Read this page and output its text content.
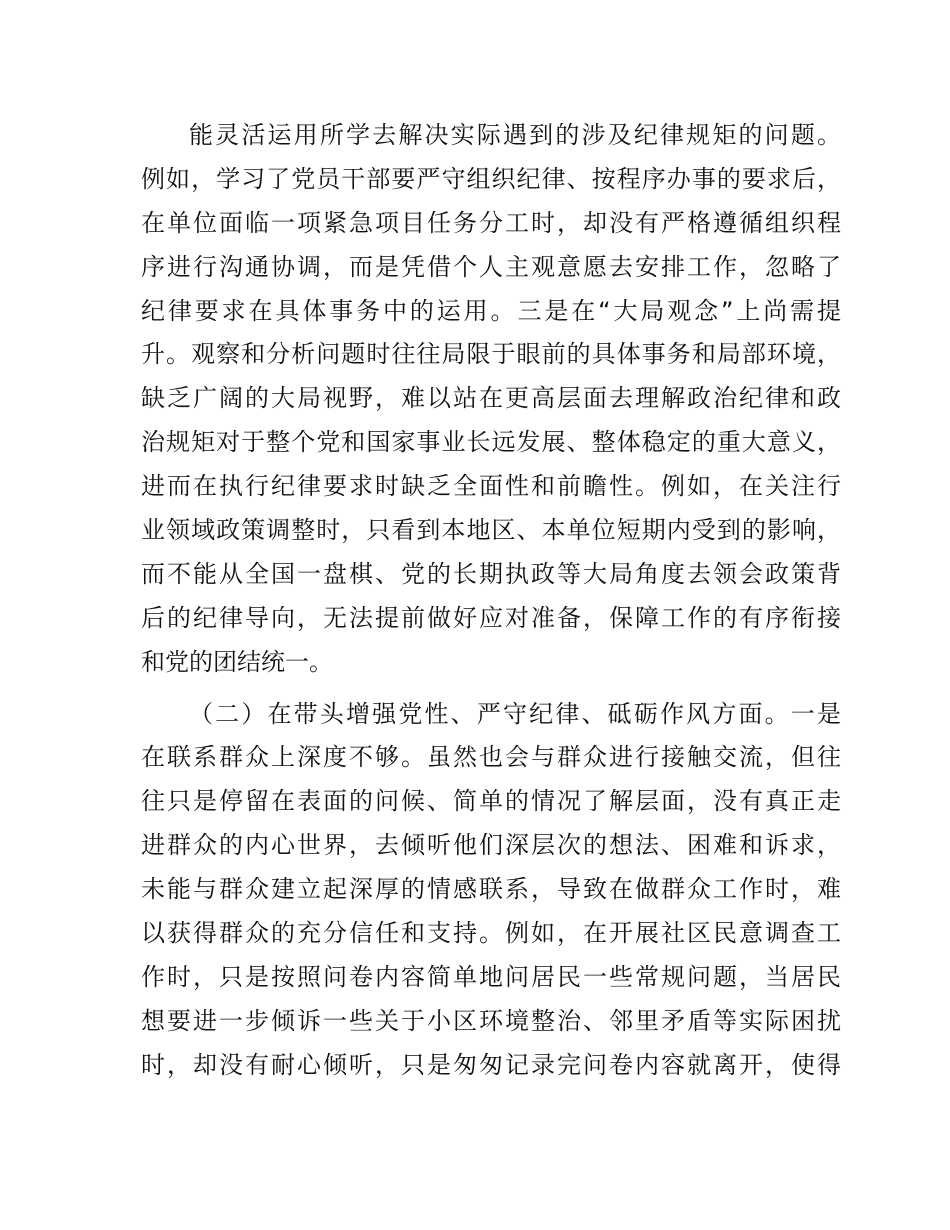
能灵活运用所学去解决实际遇到的涉及纪律规矩的问题。
例如，学习了党员干部要严守组织纪律、按程序办事的要求后，
在单位面临一项紧急项目任务分工时，却没有严格遵循组织程
序进行沟通协调，而是凭借个人主观意愿去安排工作，忽略了
纪律要求在具体事务中的运用。三是在“大局观念”上尚需提
升。观察和分析问题时往往局限于眼前的具体事务和局部环境，
缺乏广阔的大局视野，难以站在更高层面去理解政治纪律和政
治规矩对于整个党和国家事业长远发展、整体稳定的重大意义，
进而在执行纪律要求时缺乏全面性和前瞻性。例如，在关注行
业领域政策调整时，只看到本地区、本单位短期内受到的影响，
而不能从全国一盘棋、党的长期执政等大局角度去领会政策背
后的纪律导向，无法提前做好应对准备，保障工作的有序衔接
和党的团结统一。
（二）在带头增强党性、严守纪律、砥砺作风方面。一是
在联系群众上深度不够。虽然也会与群众进行接触交流，但往
往只是停留在表面的问候、简单的情况了解层面，没有真正走
进群众的内心世界，去倾听他们深层次的想法、困难和诉求，
未能与群众建立起深厚的情感联系，导致在做群众工作时，难
以获得群众的充分信任和支持。例如，在开展社区民意调查工
作时，只是按照问卷内容简单地问居民一些常规问题，当居民
想要进一步倾诉一些关于小区环境整治、邻里矛盾等实际困扰
时，却没有耐心倾听，只是匆匆记录完问卷内容就离开，使得
